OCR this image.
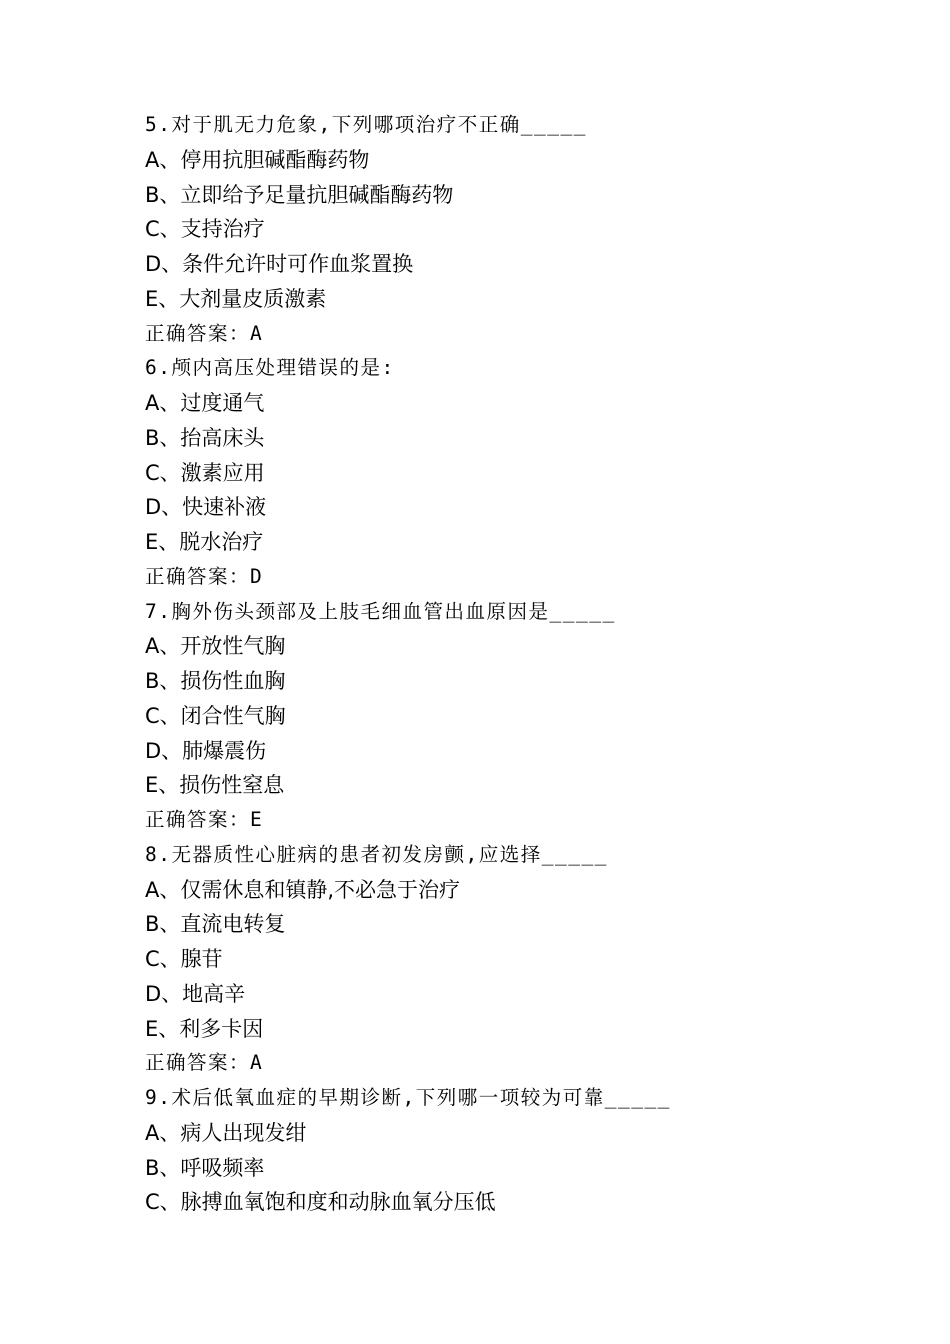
5.对于肌无力危象,下列哪项治疗不正确_____
A、停用抗胆碱酯酶药物
B、立即给予足量抗胆碱酯酶药物
C、支持治疗
D、条件允许时可作血浆置换
E、大剂量皮质激素
正确答案：A
6.颅内高压处理错误的是:
A、过度通气
B、抬高床头
C、激素应用
D、快速补液
E、脱水治疗
正确答案：D
7.胸外伤头颈部及上肢毛细血管出血原因是_____
A、开放性气胸
B、损伤性血胸
C、闭合性气胸
D、肺爆震伤
E、损伤性窒息
正确答案：E
8.无器质性心脏病的患者初发房颤,应选择_____
A、仅需休息和镇静,不必急于治疗
B、直流电转复
C、腺苷
D、地高辛
E、利多卡因
正确答案：A
9.术后低氧血症的早期诊断,下列哪一项较为可靠_____
A、病人出现发绀
B、呼吸频率
C、脉搏血氧饱和度和动脉血氧分压低
